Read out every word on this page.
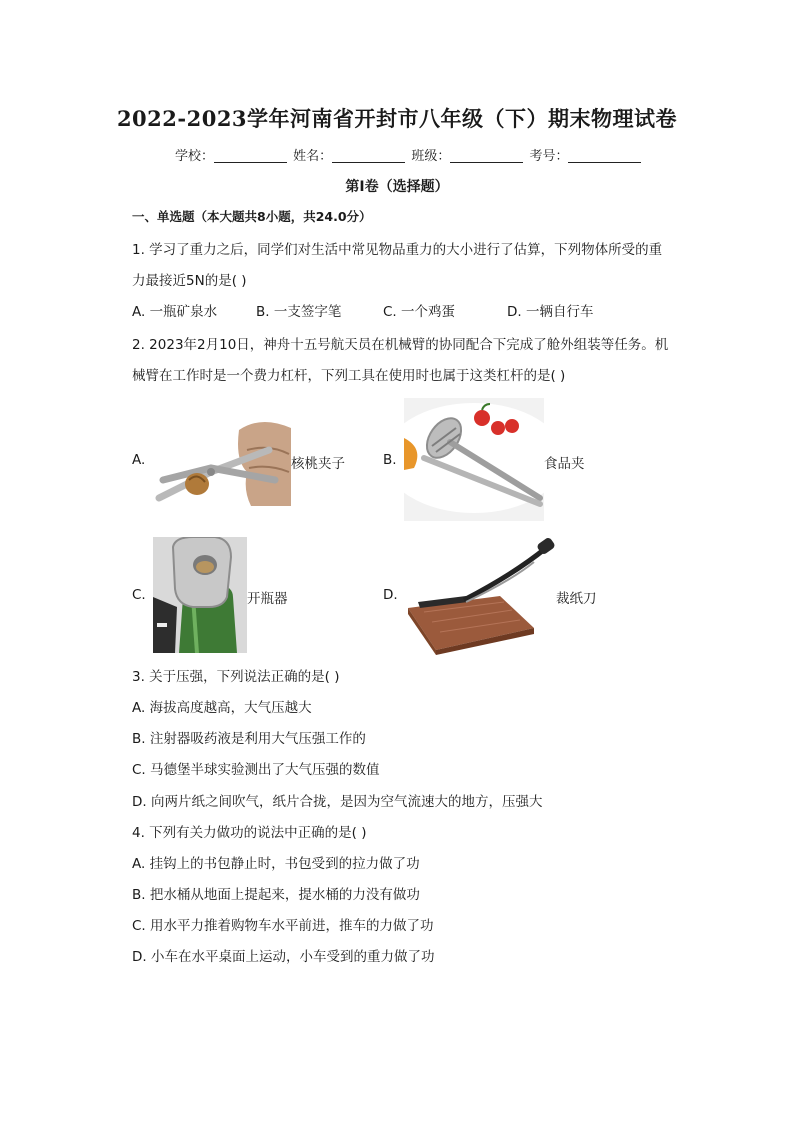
2022-2023学年河南省开封市八年级（下）期末物理试卷
学校：	姓名：	班级：	考号：
第Ⅰ卷（选择题）
一、单选题（本大题共8小题，共24.0分）
1. 学习了重力之后，同学们对生活中常见物品重力的大小进行了估算，下列物体所受的重
力最接近5N的是( )
A. 一瓶矿泉水	B. 一支签字笔	C. 一个鸡蛋	D. 一辆自行车
2. 2023年2月10日，神舟十五号航天员在机械臂的协同配合下完成了舱外组装等任务。机
械臂在工作时是一个费力杠杆，下列工具在使用时也属于这类杠杆的是( )
A.	核桃夹子	B.	食品夹
C.	开瓶器	D.	裁纸刀
3. 关于压强，下列说法正确的是( )
A. 海拔高度越高，大气压越大
B. 注射器吸药液是利用大气压强工作的
C. 马德堡半球实验测出了大气压强的数值
D. 向两片纸之间吹气，纸片合拢，是因为空气流速大的地方，压强大
4. 下列有关力做功的说法中正确的是( )
A. 挂钩上的书包静止时，书包受到的拉力做了功
B. 把水桶从地面上提起来，提水桶的力没有做功
C. 用水平力推着购物车水平前进，推车的力做了功
D. 小车在水平桌面上运动，小车受到的重力做了功
